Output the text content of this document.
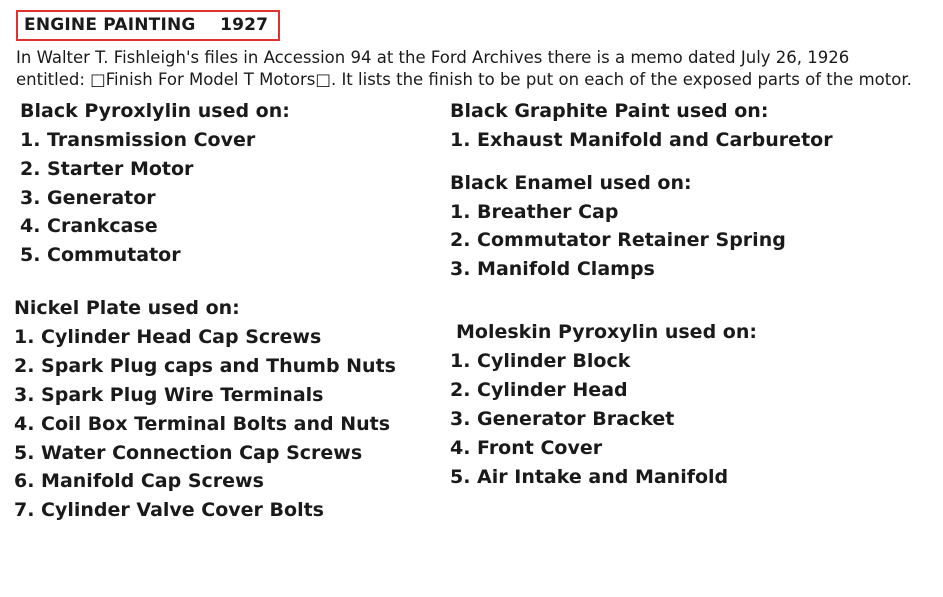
ENGINE PAINTING    1927

In Walter T. Fishleigh's files in Accession 94 at the Ford Archives there is a memo dated July 26, 1926 entitled: □Finish For Model T Motors□. It lists the finish to be put on each of the exposed parts of the motor.

Black Pyroxlylin used on:
1. Transmission Cover
2. Starter Motor
3. Generator
4. Crankcase
5. Commutator
Nickel Plate used on:
1. Cylinder Head Cap Screws
2. Spark Plug caps and Thumb Nuts
3. Spark Plug Wire Terminals
4. Coil Box Terminal Bolts and Nuts
5. Water Connection Cap Screws
6. Manifold Cap Screws
7. Cylinder Valve Cover Bolts
Black Graphite Paint used on:
1. Exhaust Manifold and Carburetor
Black Enamel used on:
1. Breather Cap
2. Commutator Retainer Spring
3. Manifold Clamps
Moleskin Pyroxylin used on:
1. Cylinder Block
2. Cylinder Head
3. Generator Bracket
4. Front Cover
5. Air Intake and Manifold
